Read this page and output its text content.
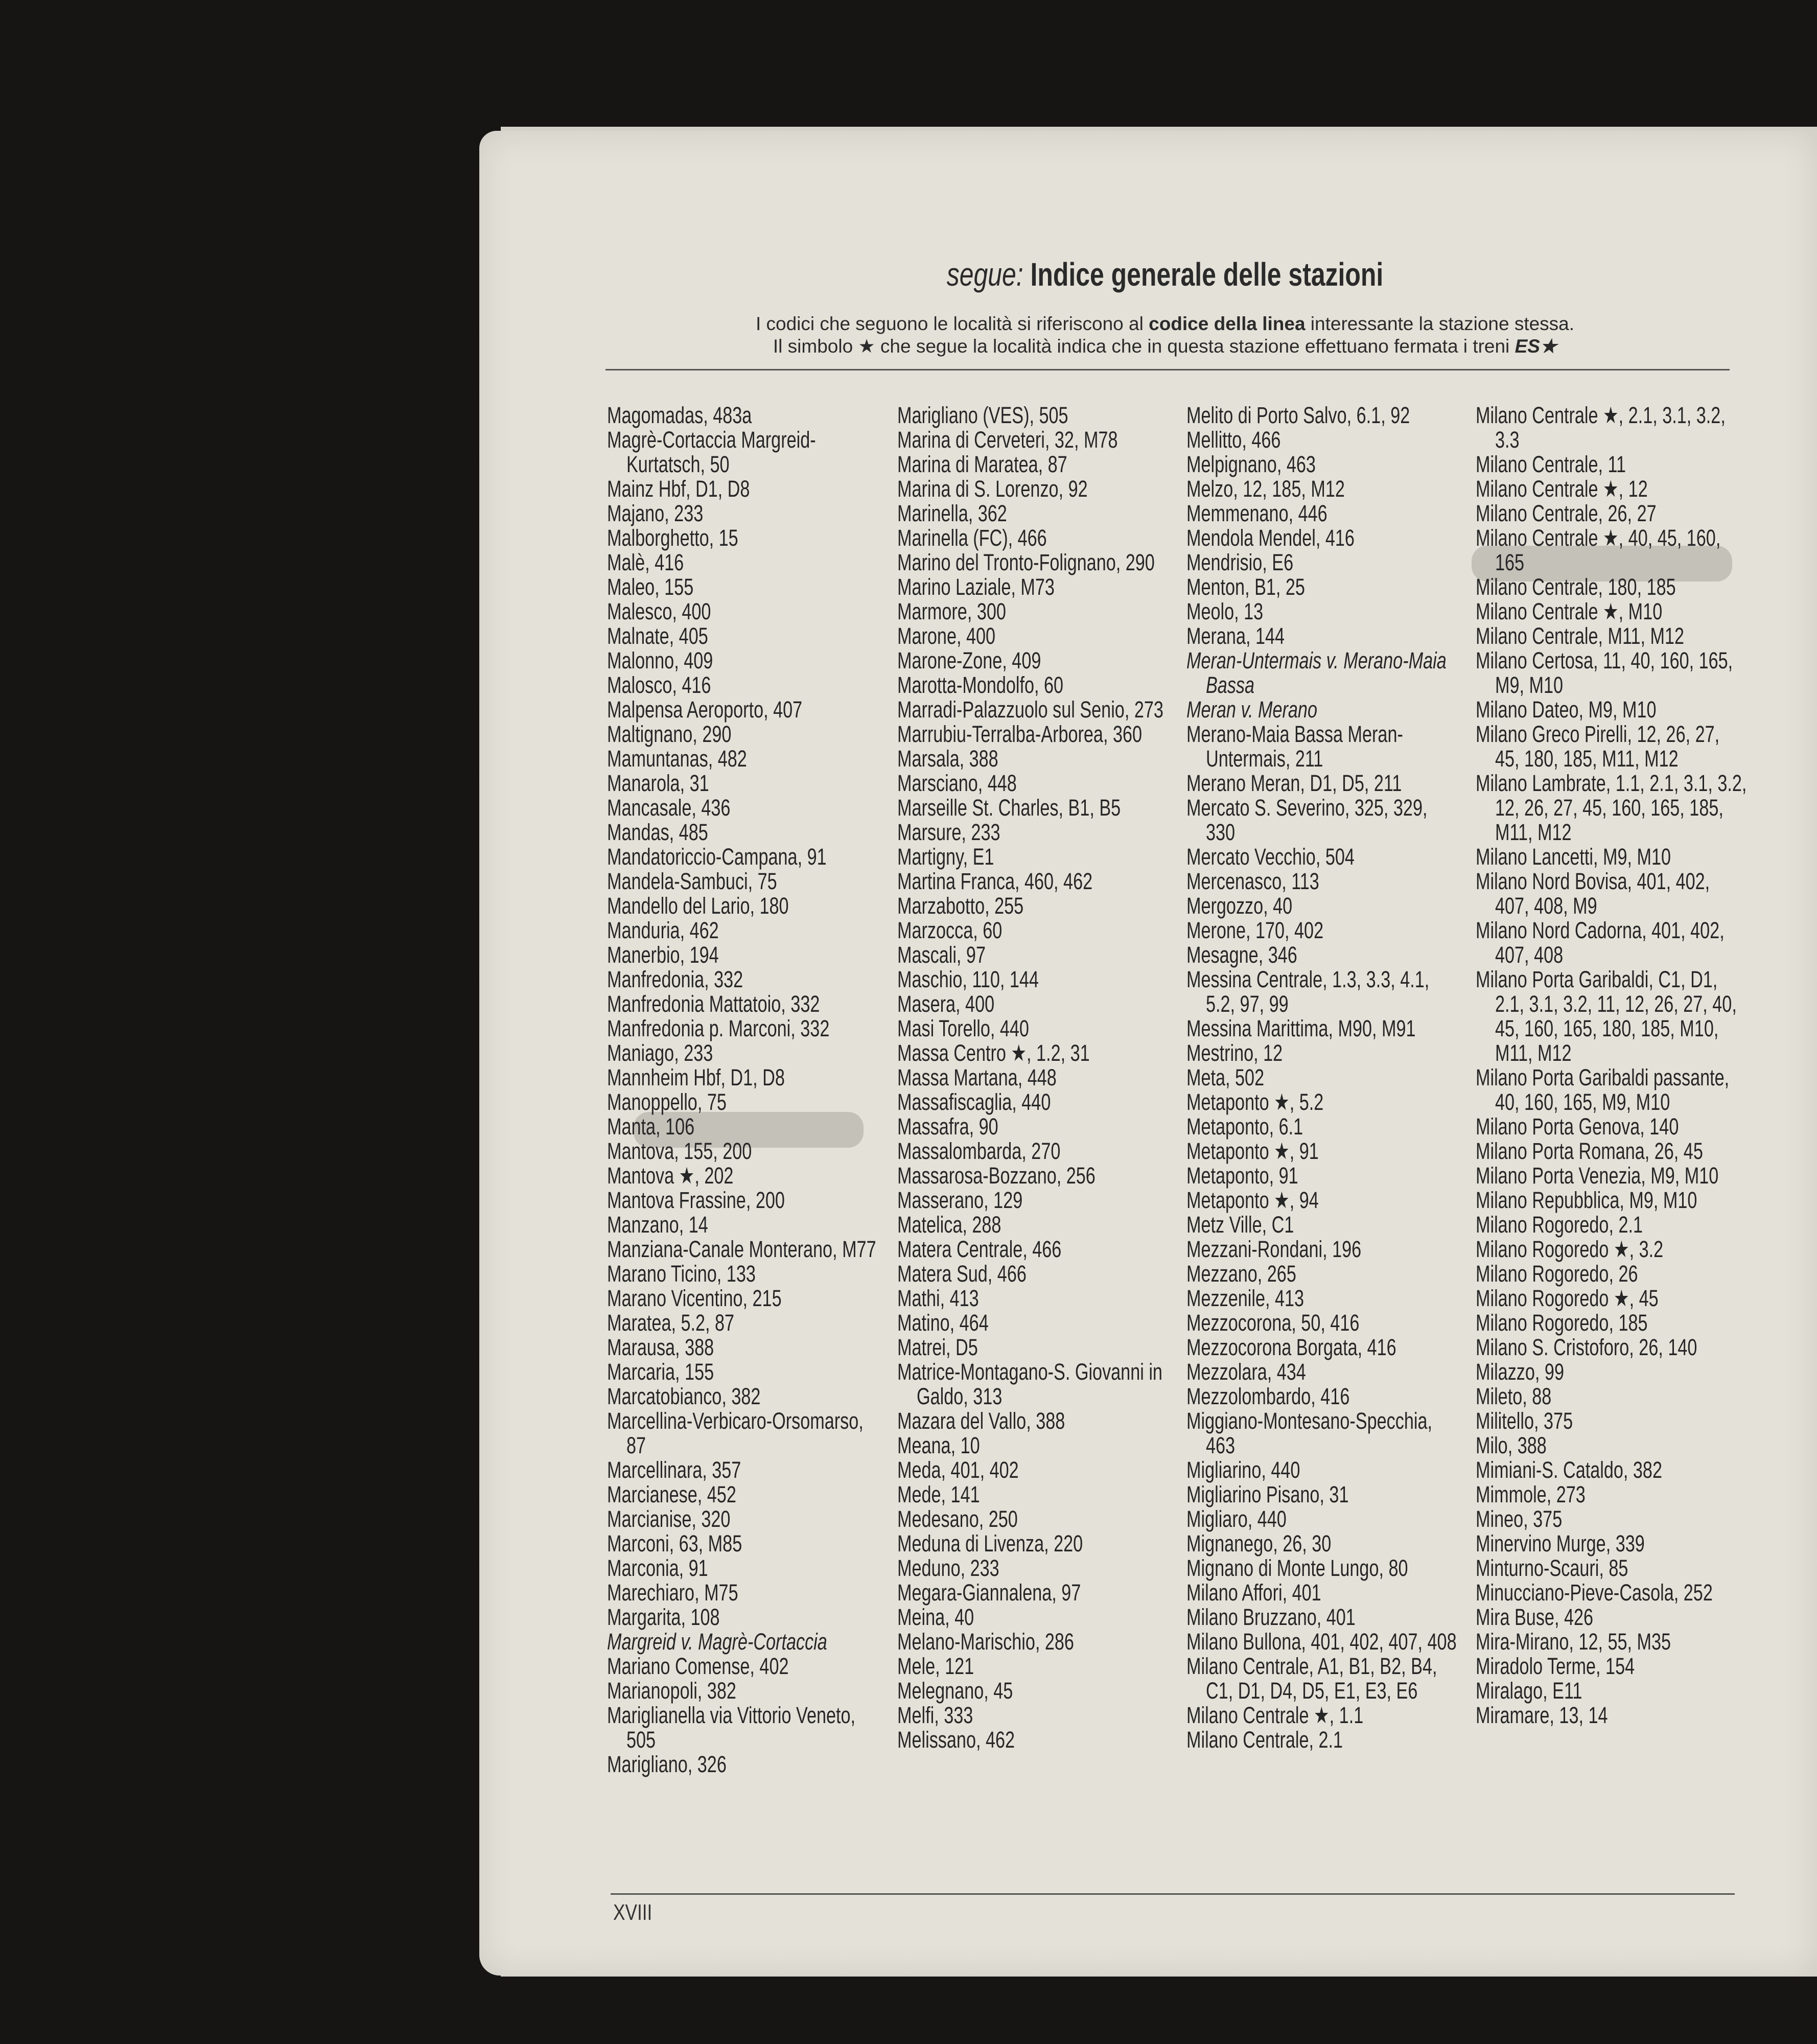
segue: Indice generale delle stazioni
I codici che seguono le località si riferiscono al codice della linea interessante la stazione stessa.
Il simbolo ★ che segue la località indica che in questa stazione effettuano fermata i treni ES★
Magomadas, 483a
Magrè-Cortaccia Margreid-Kurtatsch, 50
Mainz Hbf, D1, D8
Majano, 233
Malborghetto, 15
Malè, 416
Maleo, 155
Malesco, 400
Malnate, 405
Malonno, 409
Malosco, 416
Malpensa Aeroporto, 407
Maltignano, 290
Mamuntanas, 482
Manarola, 31
Mancasale, 436
Mandas, 485
Mandatoriccio-Campana, 91
Mandela-Sambuci, 75
Mandello del Lario, 180
Manduria, 462
Manerbio, 194
Manfredonia, 332
Manfredonia Mattatoio, 332
Manfredonia p. Marconi, 332
Maniago, 233
Mannheim Hbf, D1, D8
Manoppello, 75
Manta, 106
Mantova, 155, 200
Mantova ★, 202
Mantova Frassine, 200
Manzano, 14
Manziana-Canale Monterano, M77
Marano Ticino, 133
Marano Vicentino, 215
Maratea, 5.2, 87
Marausa, 388
Marcaria, 155
Marcatobianco, 382
Marcellina-Verbicaro-Orsomarso, 87
Marcellinara, 357
Marcianese, 452
Marcianise, 320
Marconi, 63, M85
Marconia, 91
Marechiaro, M75
Margarita, 108
Margreid v. Magrè-Cortaccia
Mariano Comense, 402
Marianopoli, 382
Mariglianella via Vittorio Veneto, 505
Marigliano, 326
Marigliano (VES), 505
Marina di Cerveteri, 32, M78
Marina di Maratea, 87
Marina di S. Lorenzo, 92
Marinella, 362
Marinella (FC), 466
Marino del Tronto-Folignano, 290
Marino Laziale, M73
Marmore, 300
Marone, 400
Marone-Zone, 409
Marotta-Mondolfo, 60
Marradi-Palazzuolo sul Senio, 273
Marrubiu-Terralba-Arborea, 360
Marsala, 388
Marsciano, 448
Marseille St. Charles, B1, B5
Marsure, 233
Martigny, E1
Martina Franca, 460, 462
Marzabotto, 255
Marzocca, 60
Mascali, 97
Maschio, 110, 144
Masera, 400
Masi Torello, 440
Massa Centro ★, 1.2, 31
Massa Martana, 448
Massafiscaglia, 440
Massafra, 90
Massalombarda, 270
Massarosa-Bozzano, 256
Masserano, 129
Matelica, 288
Matera Centrale, 466
Matera Sud, 466
Mathi, 413
Matino, 464
Matrei, D5
Matrice-Montagano-S. Giovanni in Galdo, 313
Mazara del Vallo, 388
Meana, 10
Meda, 401, 402
Mede, 141
Medesano, 250
Meduna di Livenza, 220
Meduno, 233
Megara-Giannalena, 97
Meina, 40
Melano-Marischio, 286
Mele, 121
Melegnano, 45
Melfi, 333
Melissano, 462
Melito di Porto Salvo, 6.1, 92
Mellitto, 466
Melpignano, 463
Melzo, 12, 185, M12
Memmenano, 446
Mendola Mendel, 416
Mendrisio, E6
Menton, B1, 25
Meolo, 13
Merana, 144
Meran-Untermais v. Merano-Maia Bassa
Meran v. Merano
Merano-Maia Bassa Meran-Untermais, 211
Merano Meran, D1, D5, 211
Mercato S. Severino, 325, 329, 330
Mercato Vecchio, 504
Mercenasco, 113
Mergozzo, 40
Merone, 170, 402
Mesagne, 346
Messina Centrale, 1.3, 3.3, 4.1, 5.2, 97, 99
Messina Marittima, M90, M91
Mestrino, 12
Meta, 502
Metaponto ★, 5.2
Metaponto, 6.1
Metaponto ★, 91
Metaponto, 91
Metaponto ★, 94
Metz Ville, C1
Mezzani-Rondani, 196
Mezzano, 265
Mezzenile, 413
Mezzocorona, 50, 416
Mezzocorona Borgata, 416
Mezzolara, 434
Mezzolombardo, 416
Miggiano-Montesano-Specchia, 463
Migliarino, 440
Migliarino Pisano, 31
Migliaro, 440
Mignanego, 26, 30
Mignano di Monte Lungo, 80
Milano Affori, 401
Milano Bruzzano, 401
Milano Bullona, 401, 402, 407, 408
Milano Centrale, A1, B1, B2, B4, C1, D1, D4, D5, E1, E3, E6
Milano Centrale ★, 1.1
Milano Centrale, 2.1
Milano Centrale ★, 2.1, 3.1, 3.2, 3.3
Milano Centrale, 11
Milano Centrale ★, 12
Milano Centrale, 26, 27
Milano Centrale ★, 40, 45, 160, 165
Milano Centrale, 180, 185
Milano Centrale ★, M10
Milano Centrale, M11, M12
Milano Certosa, 11, 40, 160, 165, M9, M10
Milano Dateo, M9, M10
Milano Greco Pirelli, 12, 26, 27, 45, 180, 185, M11, M12
Milano Lambrate, 1.1, 2.1, 3.1, 3.2, 12, 26, 27, 45, 160, 165, 185, M11, M12
Milano Lancetti, M9, M10
Milano Nord Bovisa, 401, 402, 407, 408, M9
Milano Nord Cadorna, 401, 402, 407, 408
Milano Porta Garibaldi, C1, D1, 2.1, 3.1, 3.2, 11, 12, 26, 27, 40, 45, 160, 165, 180, 185, M10, M11, M12
Milano Porta Garibaldi passante, 40, 160, 165, M9, M10
Milano Porta Genova, 140
Milano Porta Romana, 26, 45
Milano Porta Venezia, M9, M10
Milano Repubblica, M9, M10
Milano Rogoredo, 2.1
Milano Rogoredo ★, 3.2
Milano Rogoredo, 26
Milano Rogoredo ★, 45
Milano Rogoredo, 185
Milano S. Cristoforo, 26, 140
Milazzo, 99
Mileto, 88
Militello, 375
Milo, 388
Mimiani-S. Cataldo, 382
Mimmole, 273
Mineo, 375
Minervino Murge, 339
Minturno-Scauri, 85
Minucciano-Pieve-Casola, 252
Mira Buse, 426
Mira-Mirano, 12, 55, M35
Miradolo Terme, 154
Miralago, E11
Miramare, 13, 14
XVIII
